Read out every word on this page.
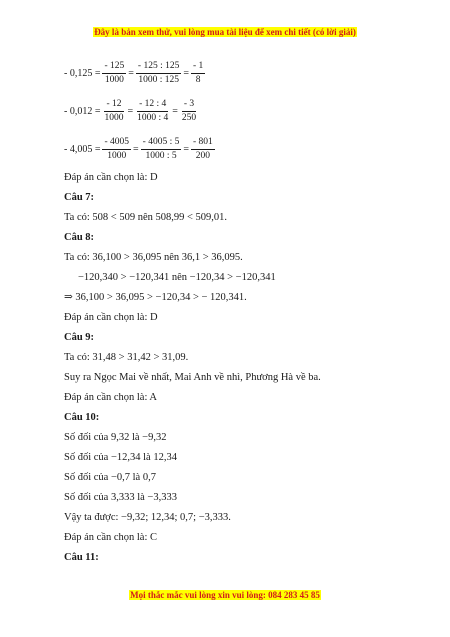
Đây là bản xem thử, vui lòng mua tài liệu để xem chi tiết (có lời giải)
- $0,125 = \frac{- 125}{1000} = \frac{- 125 : 125}{1000 : 125} = \frac{- 1}{8}$
- $0,012 = \frac{- 12}{1000} = \frac{- 12 : 4}{1000 : 4} = \frac{- 3}{250}$
- $4,005 = \frac{- 4005}{1000} = \frac{- 4005 : 5}{1000 : 5} = \frac{- 801}{200}$
Đáp án cần chọn là: D
Câu 7:
Ta có: 508 < 509 nên 508,99 < 509,01.
Câu 8:
Ta có: 36,100 > 36,095 nên 36,1 > 36,095.
−120,340 > −120,341 nên −120,34 > −120,341
⇒ 36,100 > 36,095 > −120,34 > − 120,341.
Đáp án cần chọn là: D
Câu 9:
Ta có: 31,48 > 31,42 > 31,09.
Suy ra Ngọc Mai về nhất, Mai Anh về nhì, Phương Hà về ba.
Đáp án cần chọn là: A
Câu 10:
Số đối của 9,32 là −9,32
Số đối của −12,34 là 12,34
Số đối của −0,7 là 0,7
Số đối của 3,333 là −3,333
Vậy ta được: −9,32; 12,34; 0,7; −3,333.
Đáp án cần chọn là: C
Câu 11:
Mọi thắc mắc vui lòng xin vui lòng: 084 283 45 85
